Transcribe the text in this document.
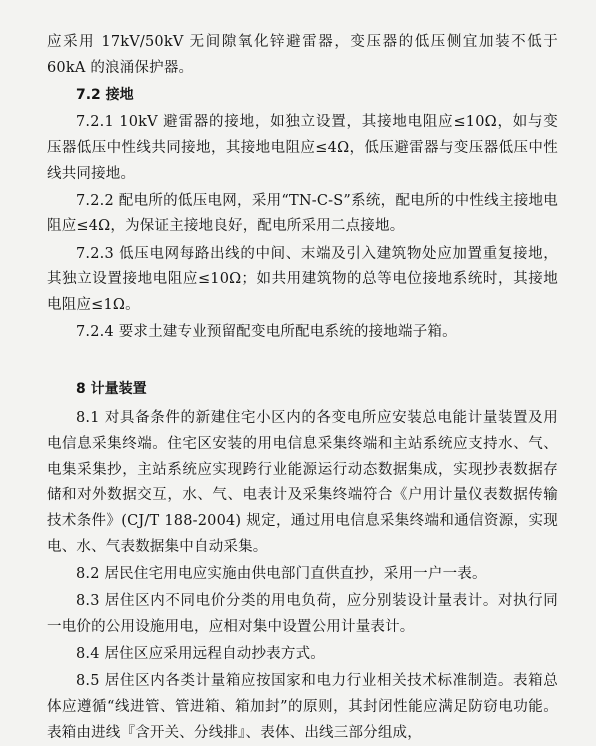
应采用 17kV/50kV 无间隙氧化锌避雷器，变压器的低压侧宜加装不低于 60kA 的浪涌保护器。

7.2 接地

7.2.1 10kV 避雷器的接地，如独立设置，其接地电阻应≤10Ω，如与变压器低压中性线共同接地，其接地电阻应≤4Ω，低压避雷器与变压器低压中性线共同接地。

7.2.2 配电所的低压电网，采用“TN-C-S”系统，配电所的中性线主接地电阻应≤4Ω，为保证主接地良好，配电所采用二点接地。

7.2.3 低压电网每路出线的中间、末端及引入建筑物处应加置重复接地，其独立设置接地电阻应≤10Ω；如共用建筑物的总等电位接地系统时，其接地电阻应≤1Ω。

7.2.4 要求土建专业预留配变电所配电系统的接地端子箱。

8 计量装置

8.1 对具备条件的新建住宅小区内的各变电所应安装总电能计量装置及用电信息采集终端。住宅区安装的用电信息采集终端和主站系统应支持水、气、电集采集抄，主站系统应实现跨行业能源运行动态数据集成，实现抄表数据存储和对外数据交互，水、气、电表计及采集终端符合《户用计量仪表数据传输技术条件》(CJ/T 188-2004) 规定，通过用电信息采集终端和通信资源，实现电、水、气表数据集中自动采集。

8.2 居民住宅用电应实施由供电部门直供直抄，采用一户一表。

8.3 居住区内不同电价分类的用电负荷，应分别装设计量表计。对执行同一电价的公用设施用电，应相对集中设置公用计量表计。

8.4 居住区应采用远程自动抄表方式。

8.5 居住区内各类计量箱应按国家和电力行业相关技术标准制造。表箱总体应遵循“线进管、管进箱、箱加封”的原则，其封闭性能应满足防窃电功能。表箱由进线『含开关、分线排』、表体、出线三部分组成，
